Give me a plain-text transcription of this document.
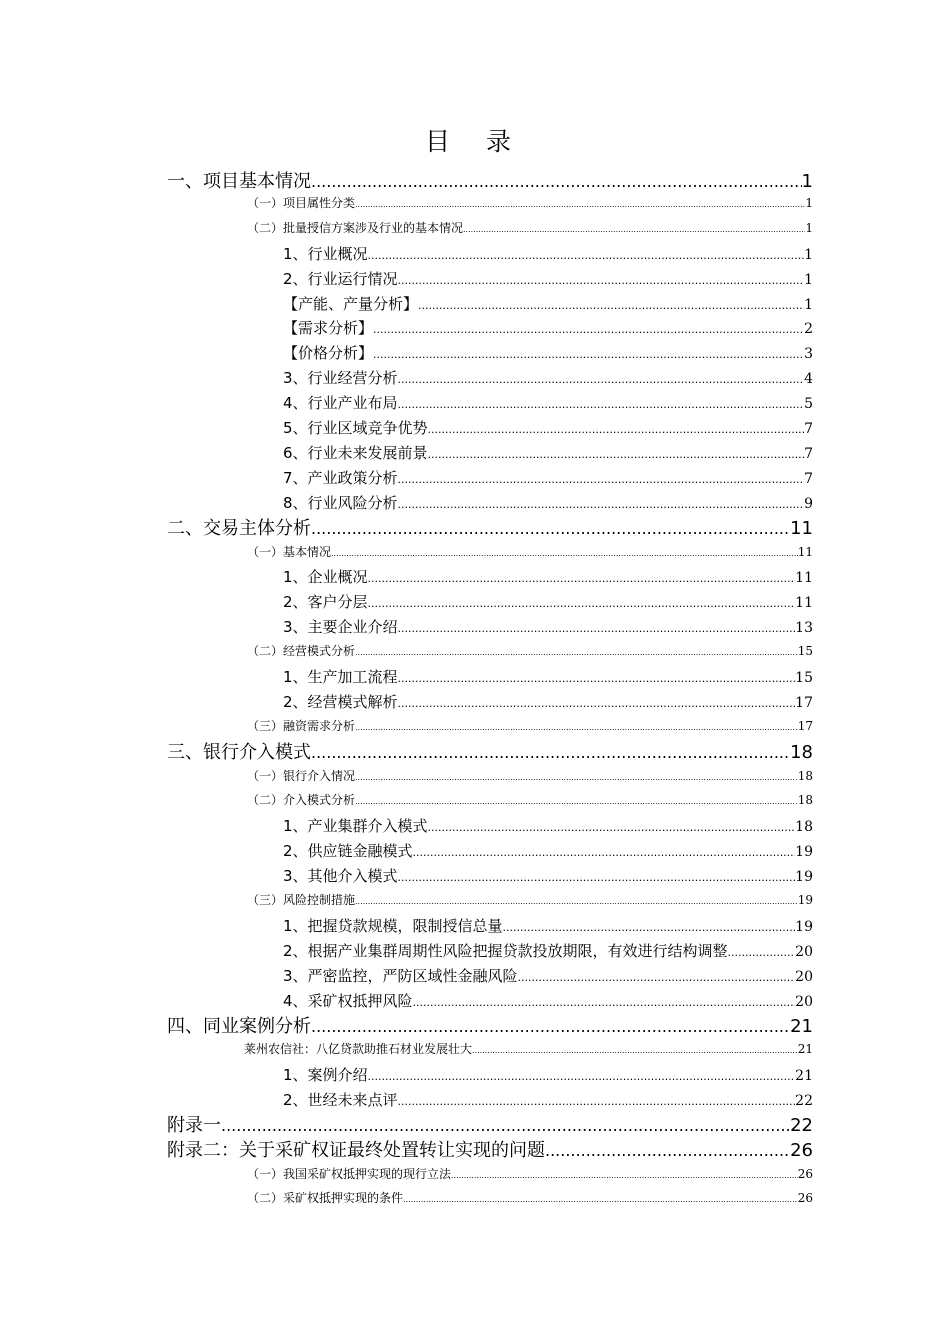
目 录
一、项目基本情况 .....	1
（一）项目属性分类 .....	1
（二）批量授信方案涉及行业的基本情况 .....	1
1、行业概况 .....	1
2、行业运行情况 .....	1
【产能、产量分析】 .....	1
【需求分析】 .....	2
【价格分析】 .....	3
3、行业经营分析 .....	4
4、行业产业布局 .....	5
5、行业区域竞争优势 .....	7
6、行业未来发展前景 .....	7
7、产业政策分析 .....	7
8、行业风险分析 .....	9
二、交易主体分析 .....	11
（一）基本情况 .....	11
1、企业概况 .....	11
2、客户分层 .....	11
3、主要企业介绍 .....	13
（二）经营模式分析 .....	15
1、生产加工流程 .....	15
2、经营模式解析 .....	17
（三）融资需求分析 .....	17
三、银行介入模式 .....	18
（一）银行介入情况 .....	18
（二）介入模式分析 .....	18
1、产业集群介入模式 .....	18
2、供应链金融模式 .....	19
3、其他介入模式 .....	19
（三）风险控制措施 .....	19
1、把握贷款规模，限制授信总量 .....	19
2、根据产业集群周期性风险把握贷款投放期限，有效进行结构调整 .....	20
3、严密监控，严防区域性金融风险 .....	20
4、采矿权抵押风险 .....	20
四、同业案例分析 .....	21
莱州农信社：八亿贷款助推石材业发展壮大 .....	21
1、案例介绍 .....	21
2、世经未来点评 .....	22
附录一 .....	22
附录二：关于采矿权证最终处置转让实现的问题 .....	26
（一）我国采矿权抵押实现的现行立法 .....	26
（二）采矿权抵押实现的条件 .....	26
